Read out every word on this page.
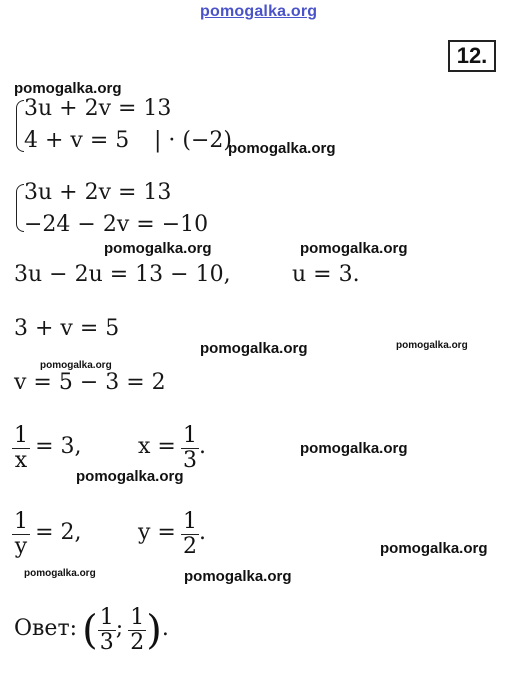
pomogalka.org
12.
pomogalka.org
pomogalka.org
pomogalka.org	pomogalka.org
pomogalka.org	pomogalka.org
pomogalka.org
pomogalka.org
pomogalka.org
pomogalka.org
pomogalka.org	pomogalka.org
3u + 2v = 13
4 + v = 5 | · (−2)
3u + 2v = 13
−24 − 2v = −10
3u − 2u = 13 − 10,	u = 3.
3 + v = 5
v = 5 − 3 = 2
$\frac{1}{x} = 3$,	$x = \frac{1}{3}$ .
$\frac{1}{y} = 2$,	$y = \frac{1}{2}$ .
Овет: ( $\frac{1}{3}$ ; $\frac{1}{2}$ ).
